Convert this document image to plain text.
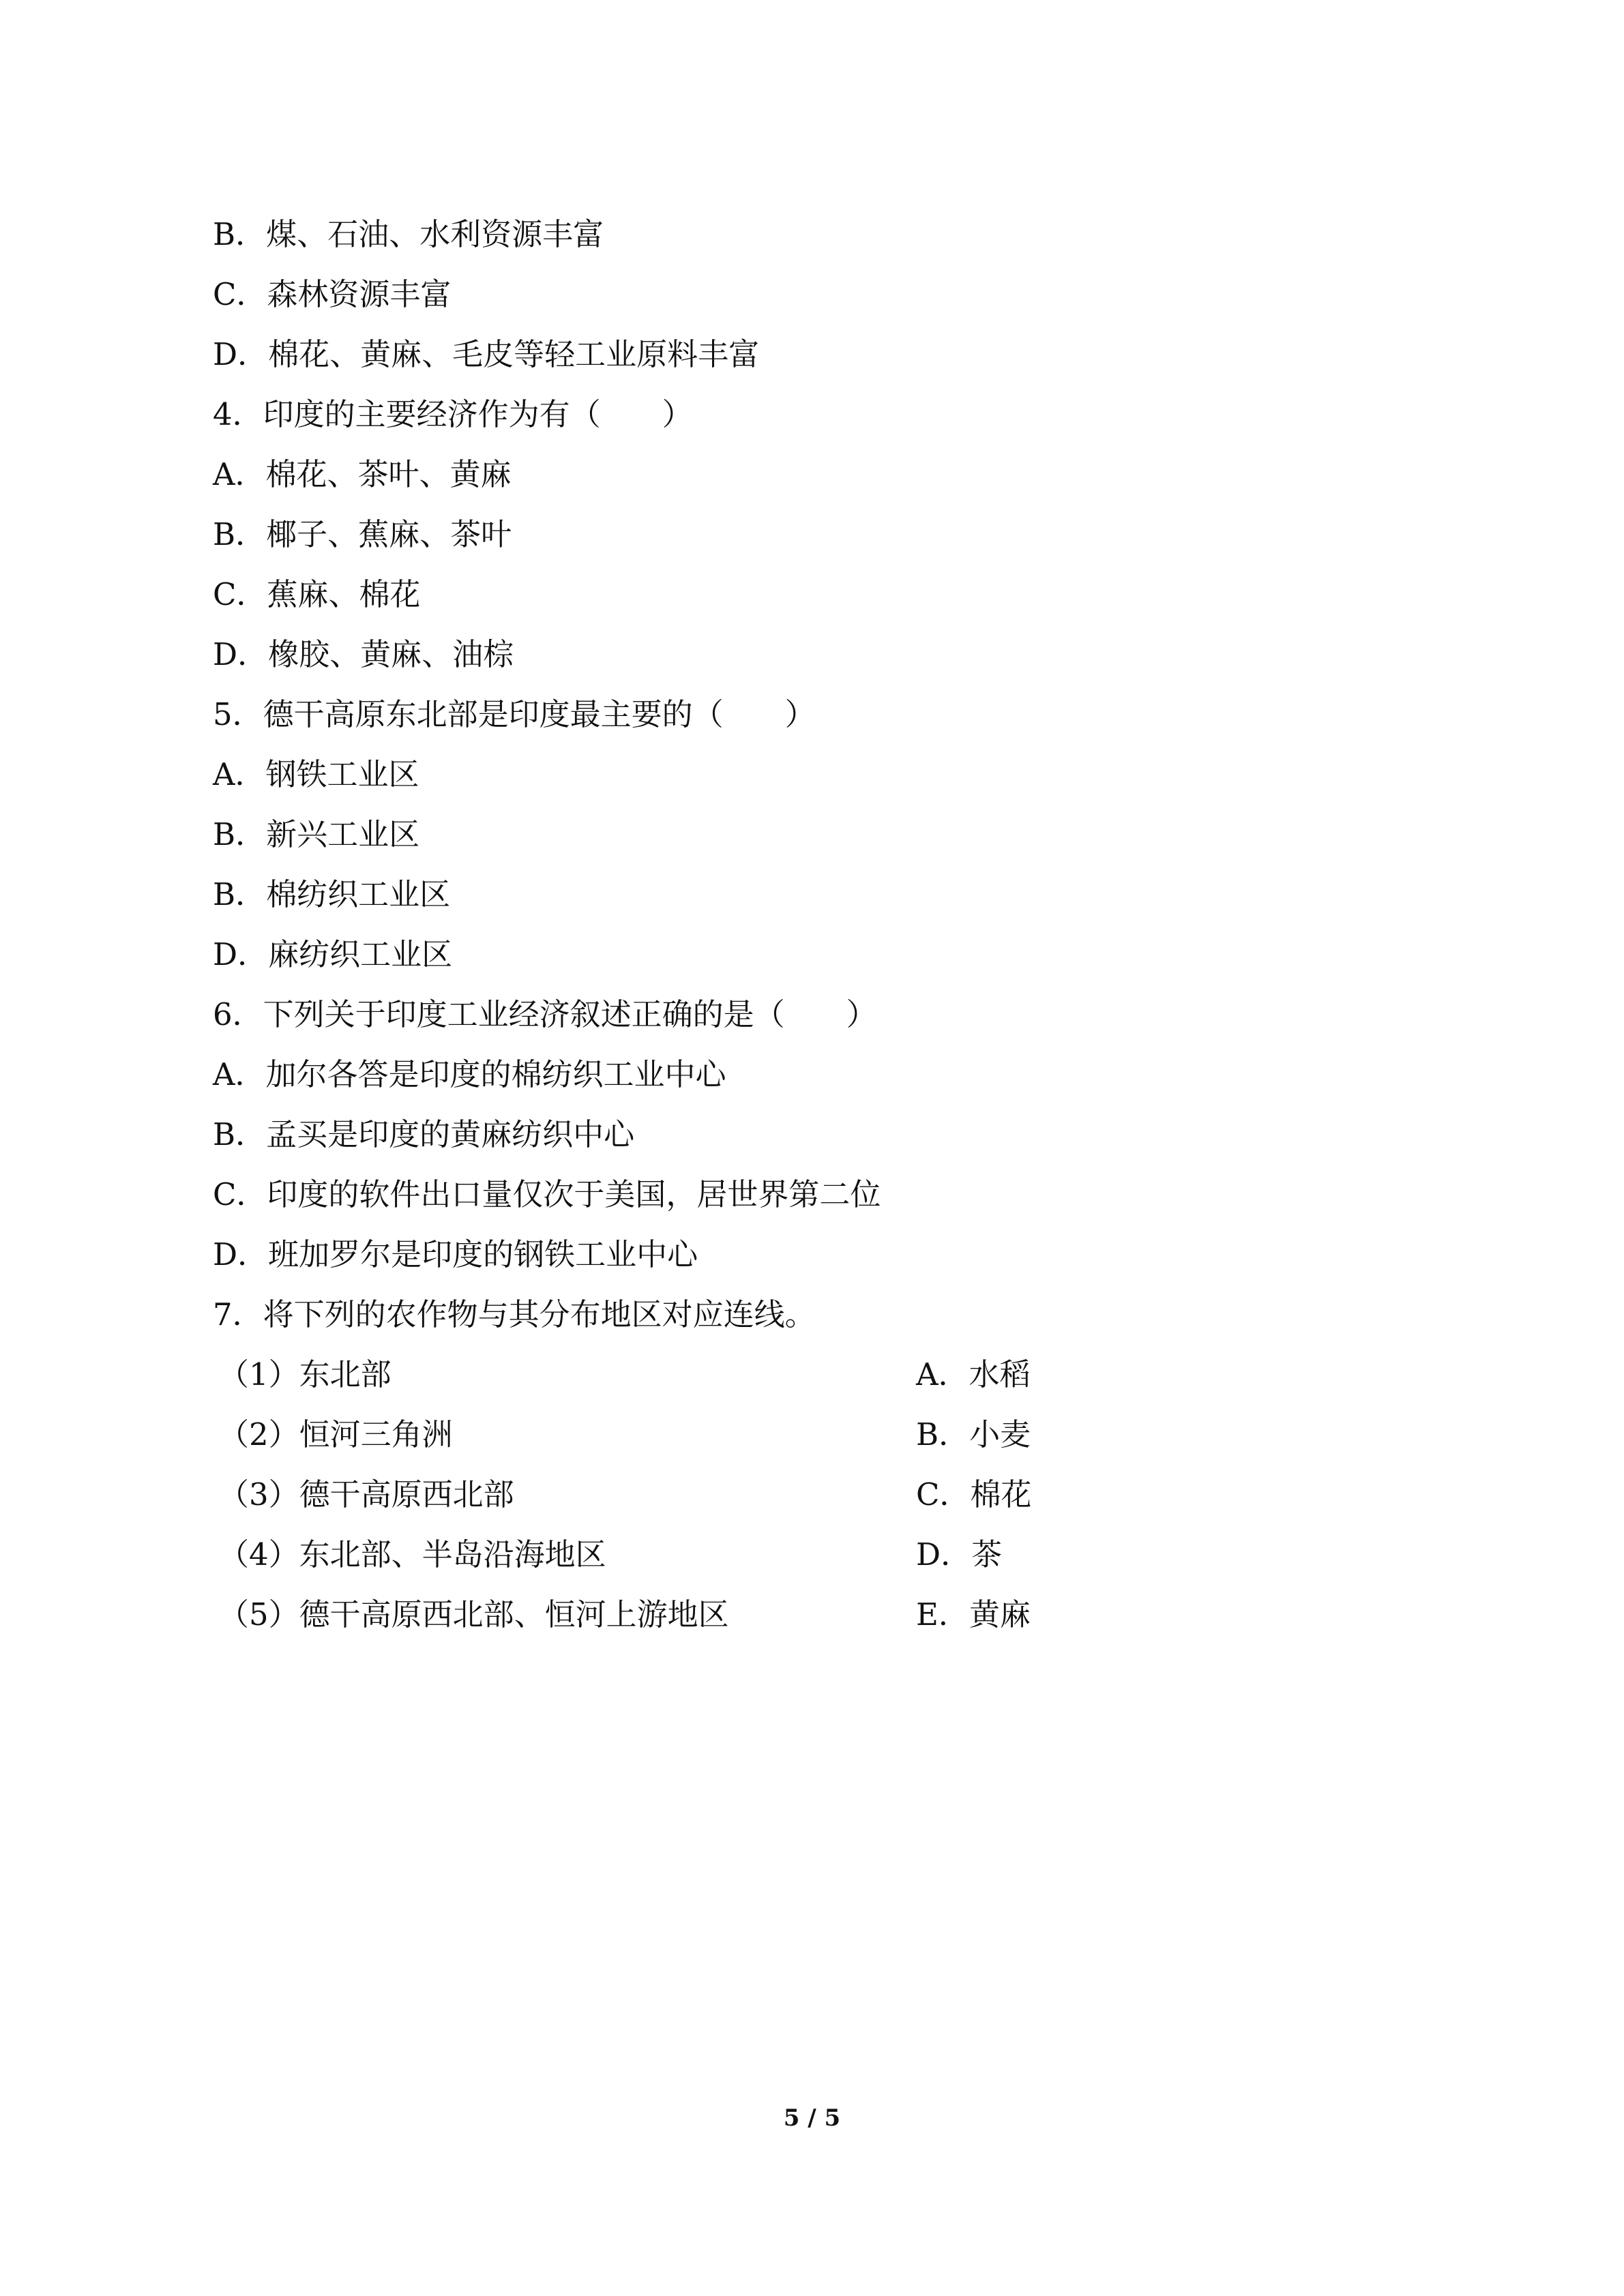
B．煤、石油、水利资源丰富
C．森林资源丰富
D．棉花、黄麻、毛皮等轻工业原料丰富
4．印度的主要经济作为有（　　）
A．棉花、茶叶、黄麻
B．椰子、蕉麻、茶叶
C．蕉麻、棉花
D．橡胶、黄麻、油棕
5．德干高原东北部是印度最主要的（　　）
A．钢铁工业区
B．新兴工业区
B．棉纺织工业区
D．麻纺织工业区
6．下列关于印度工业经济叙述正确的是（　　）
A．加尔各答是印度的棉纺织工业中心
B．孟买是印度的黄麻纺织中心
C．印度的软件出口量仅次于美国，居世界第二位
D．班加罗尔是印度的钢铁工业中心
7．将下列的农作物与其分布地区对应连线。
（1）东北部	A．水稻
（2）恒河三角洲	B．小麦
（3）德干高原西北部	C．棉花
（4）东北部、半岛沿海地区	D．茶
（5）德干高原西北部、恒河上游地区	E．黄麻
5 / 5
